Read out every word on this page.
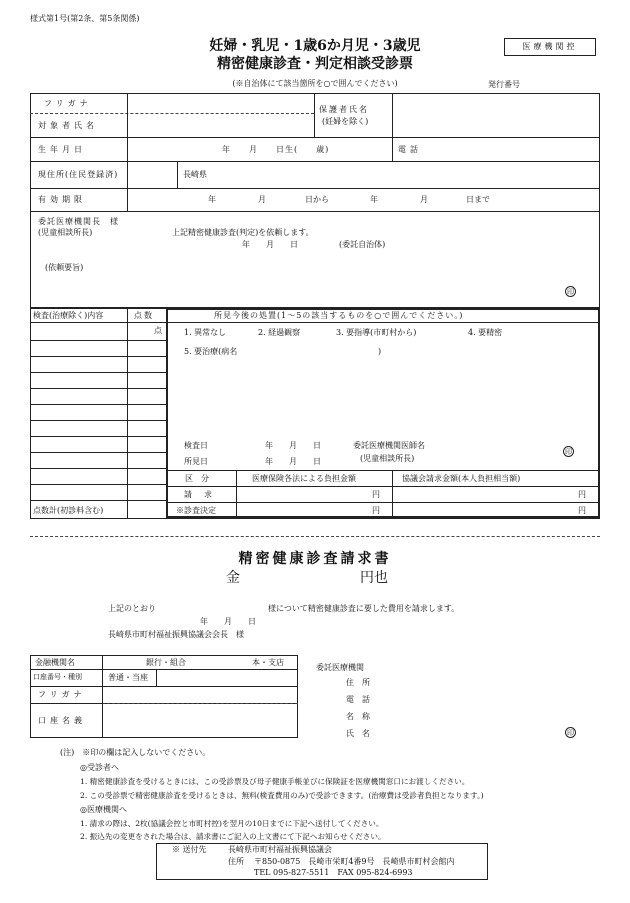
様式第1号(第2条、第5条関係)
医療機関控
妊婦・乳児・1歳6か月児・3歳児
精密健康診査・判定相談受診票
(※自治体にて該当箇所を○で囲んでください)	発行番号
フリガナ
対象者氏名
保護者氏名
(妊婦を除く)
生年月日	年　　月　　日生(　　歳)	電話
現住所(住民登録済)	長崎県
有効期限	年	月	日から	年	月	日まで
委託医療機関長　様
(児童相談所長)	上記精密健康診査(判定)を依頼します。
年　　月　　日	(委託自治体)
(依頼要旨)
印
検査(治療除く)内容	点数	所見今後の処置(1〜5の該当するものを○で囲んでください。)
点	1. 異常なし	2. 経過観察	3. 要指導(市町村から)	4. 要精密
5. 要治療(病名	)
検査日	年　　月　　日
所見日	年　　月　　日
委託医療機関医師名
(児童相談所長)
印
区　分	医療保険各法による負担金額	協議会請求金額(本人負担相当額)
請　求	円	円
※診査決定	円	円
点数計(初診料含む)
精密健康診査請求書
金	円也
上記のとおり	様について精密健康診査に要した費用を請求します。
年　　月　　日
長崎県市町村福祉振興協議会会長　様
金融機関名	銀行・組合	本・支店
口座番号・種別	普通・当座
フリガナ
口座名義
委託医療機関
住　所
電　話
名　称
氏　名	印
(注)　※印の欄は記入しないでください。
◎受診者へ
1. 精密健康診査を受けるときには、この受診票及び母子健康手帳並びに保険証を医療機関窓口にお渡しください。
2. この受診票で精密健康診査を受けるときは、無料(検査費用のみ)で受診できます。(治療費は受診者負担となります。)
◎医療機関へ
1. 請求の際は、2枚(協議会控と市町村控)を翌月の10日までに下記へ送付してください。
2. 振込先の変更をされた場合は、請求書にご記入の上文書にて下記へお知らせください。
※ 送付先	長崎県市町村福祉振興協議会
住所 〒850-0875　長崎市栄町4番9号　長崎県市町村会館内
TEL 095-827-5511　FAX 095-824-6993
